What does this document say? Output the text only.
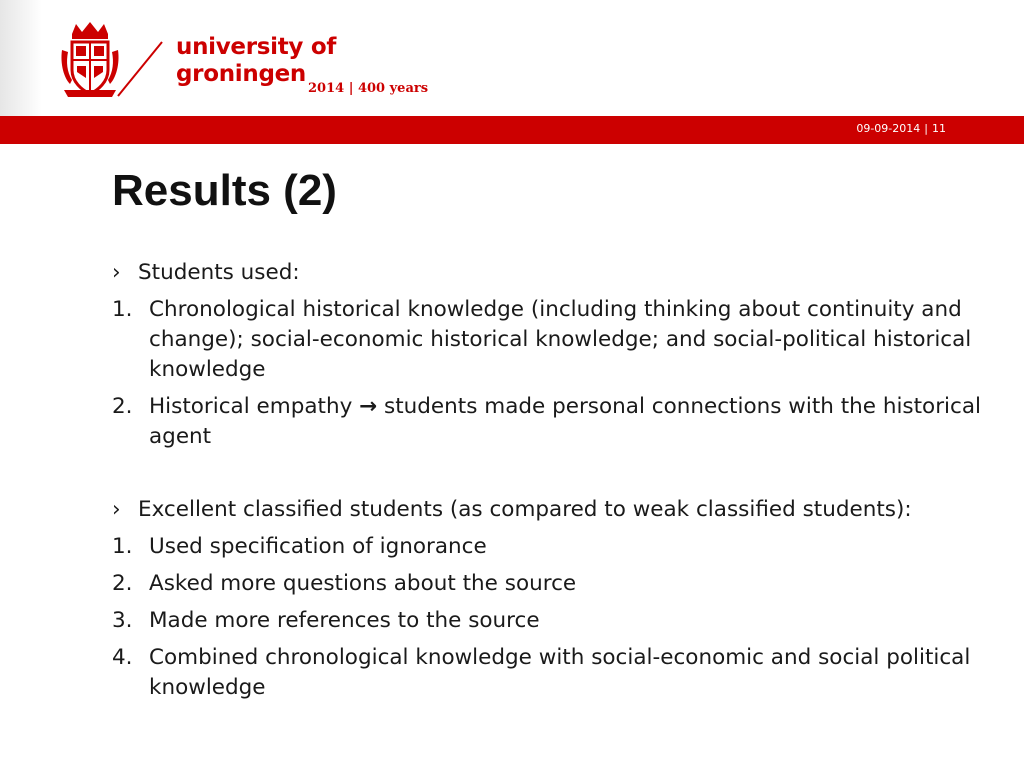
university of
groningen
2014 | 400 years
09-09-2014 | 11
Results (2)
› Students used:
1. Chronological historical knowledge (including thinking about continuity and change); social-economic historical knowledge; and social-political historical knowledge
2. Historical empathy → students made personal connections with the historical agent
› Excellent classified students (as compared to weak classified students):
1. Used specification of ignorance
2. Asked more questions about the source
3. Made more references to the source
4. Combined chronological knowledge with social-economic and social political knowledge
